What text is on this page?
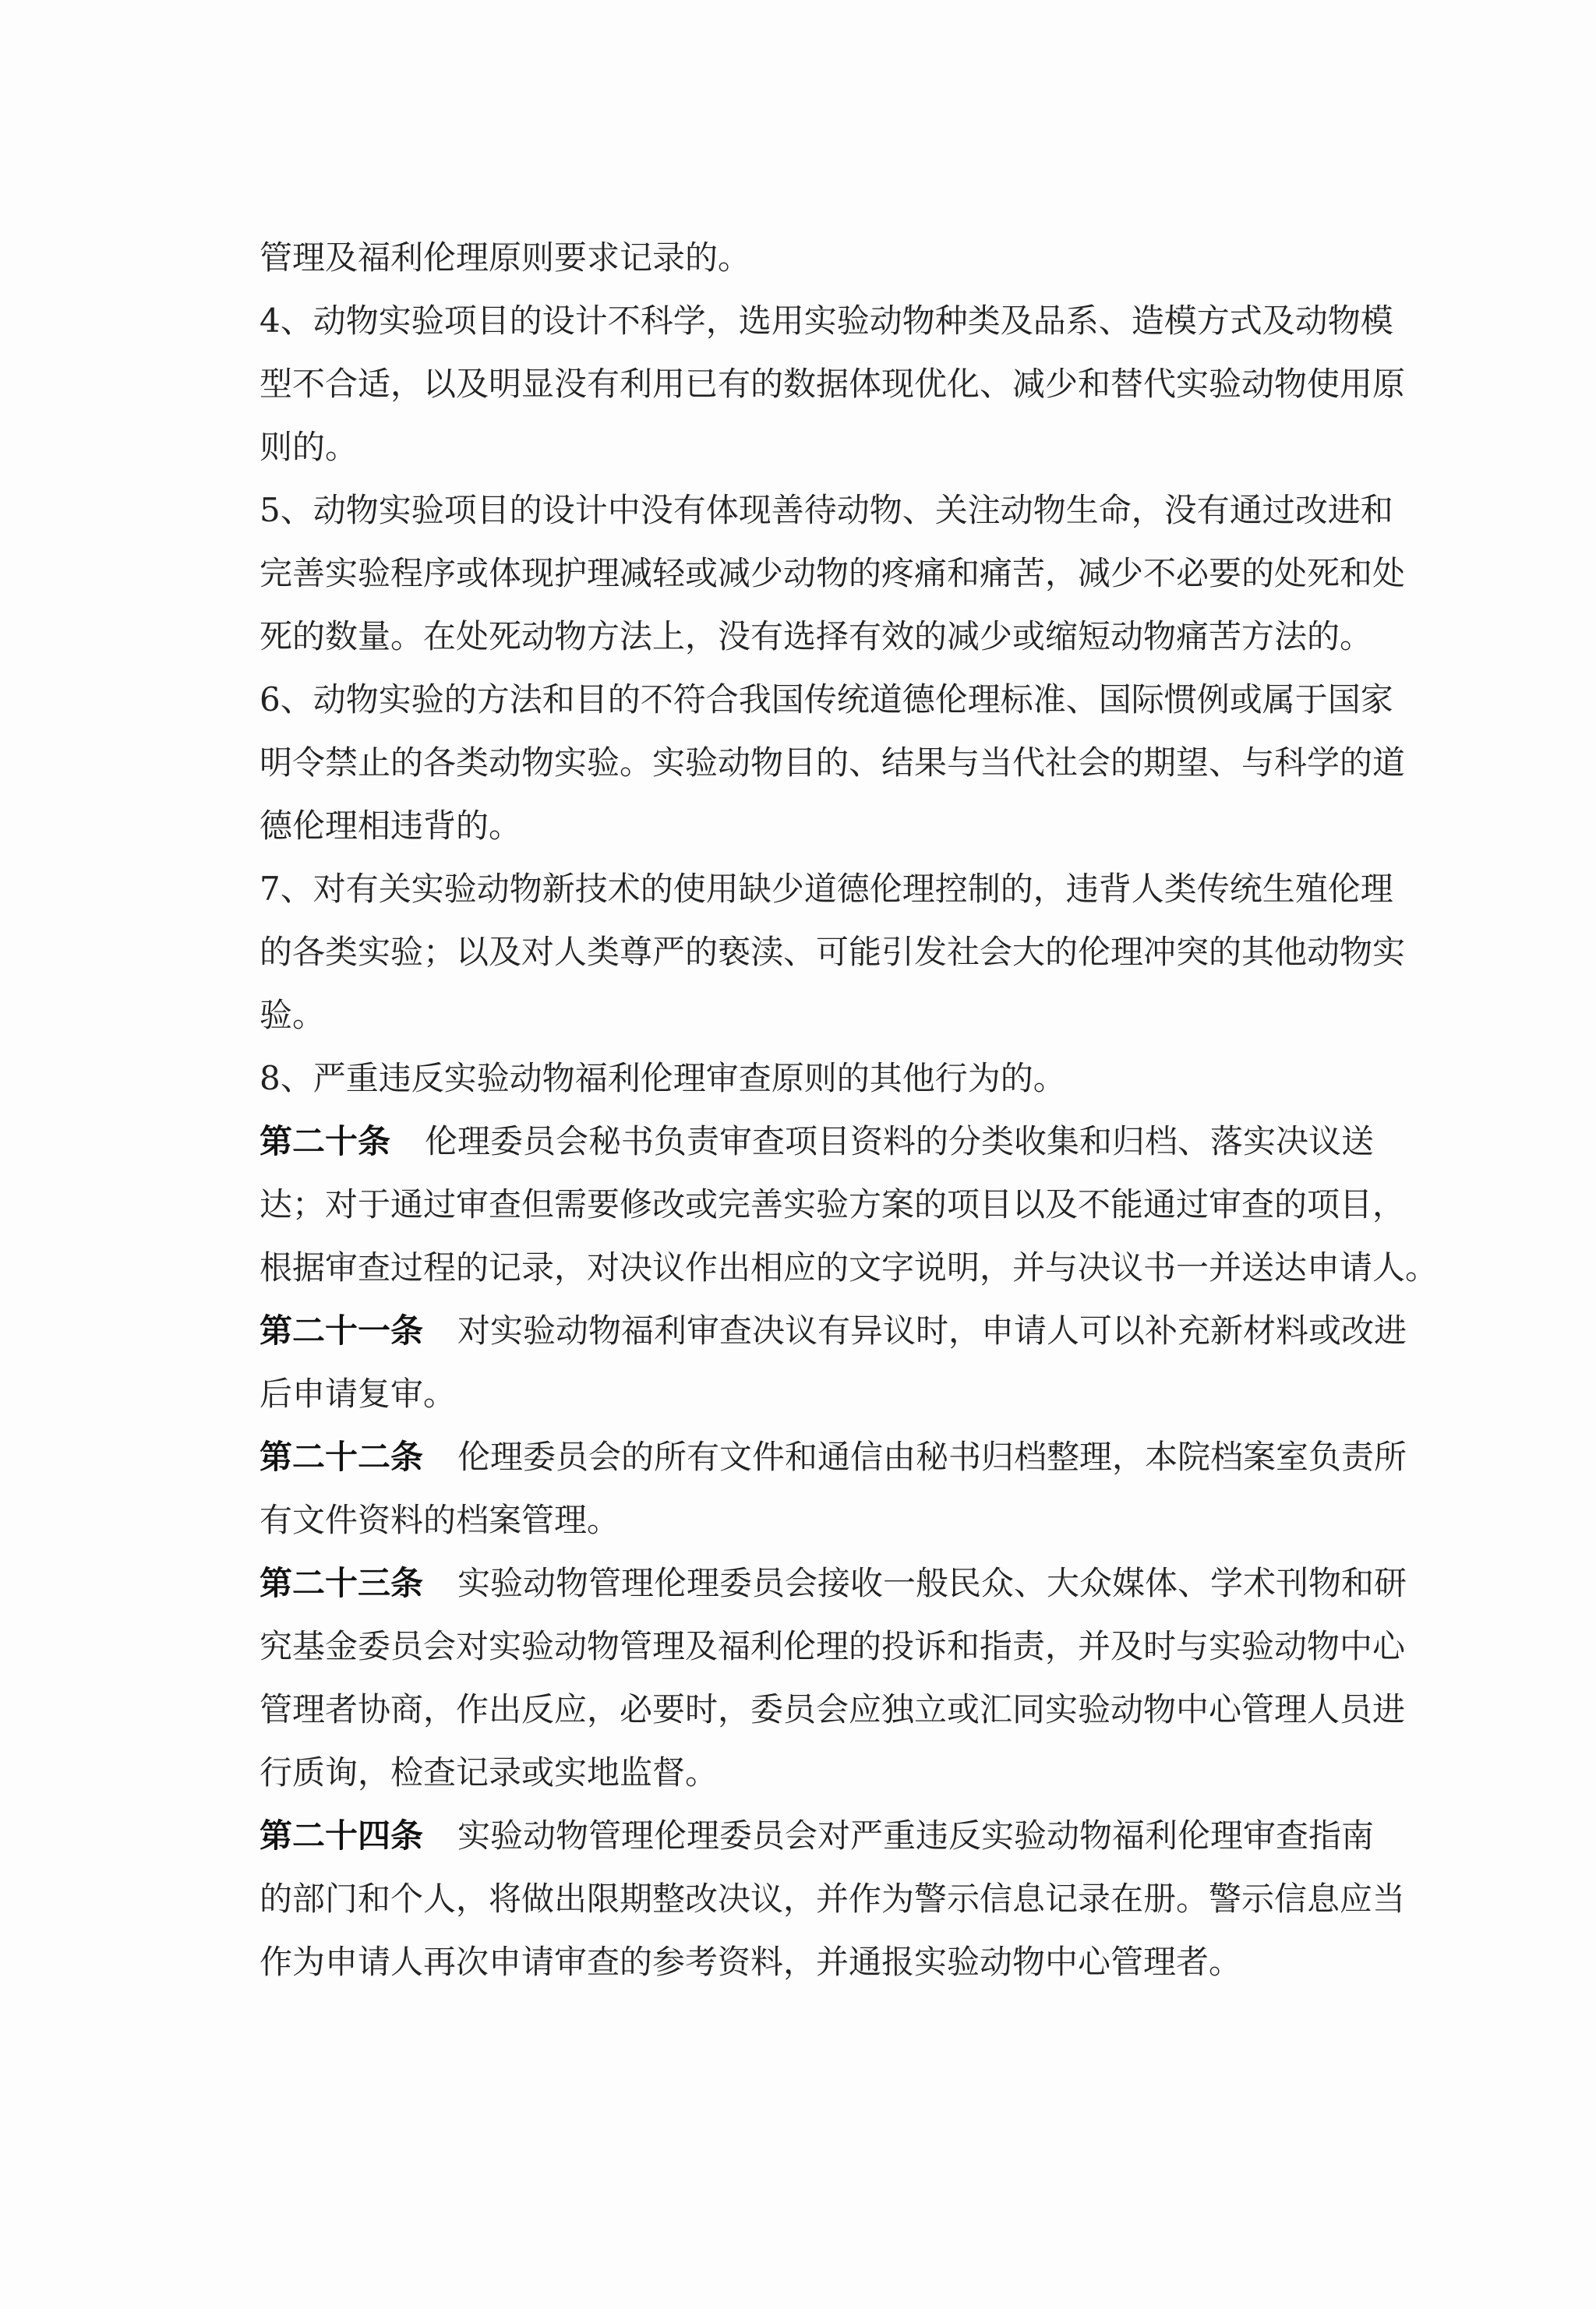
管理及福利伦理原则要求记录的。
4、动物实验项目的设计不科学，选用实验动物种类及品系、造模方式及动物模
型不合适，以及明显没有利用已有的数据体现优化、减少和替代实验动物使用原
则的。
5、动物实验项目的设计中没有体现善待动物、关注动物生命，没有通过改进和
完善实验程序或体现护理减轻或减少动物的疼痛和痛苦，减少不必要的处死和处
死的数量。在处死动物方法上，没有选择有效的减少或缩短动物痛苦方法的。
6、动物实验的方法和目的不符合我国传统道德伦理标准、国际惯例或属于国家
明令禁止的各类动物实验。实验动物目的、结果与当代社会的期望、与科学的道
德伦理相违背的。
7、对有关实验动物新技术的使用缺少道德伦理控制的，违背人类传统生殖伦理
的各类实验；以及对人类尊严的亵渎、可能引发社会大的伦理冲突的其他动物实
验。
8、严重违反实验动物福利伦理审查原则的其他行为的。
第二十条 伦理委员会秘书负责审查项目资料的分类收集和归档、落实决议送
达；对于通过审查但需要修改或完善实验方案的项目以及不能通过审查的项目，
根据审查过程的记录，对决议作出相应的文字说明，并与决议书一并送达申请人。
第二十一条 对实验动物福利审查决议有异议时，申请人可以补充新材料或改进
后申请复审。
第二十二条 伦理委员会的所有文件和通信由秘书归档整理，本院档案室负责所
有文件资料的档案管理。
第二十三条 实验动物管理伦理委员会接收一般民众、大众媒体、学术刊物和研
究基金委员会对实验动物管理及福利伦理的投诉和指责，并及时与实验动物中心
管理者协商，作出反应，必要时，委员会应独立或汇同实验动物中心管理人员进
行质询，检查记录或实地监督。
第二十四条 实验动物管理伦理委员会对严重违反实验动物福利伦理审查指南
的部门和个人，将做出限期整改决议，并作为警示信息记录在册。警示信息应当
作为申请人再次申请审查的参考资料，并通报实验动物中心管理者。
